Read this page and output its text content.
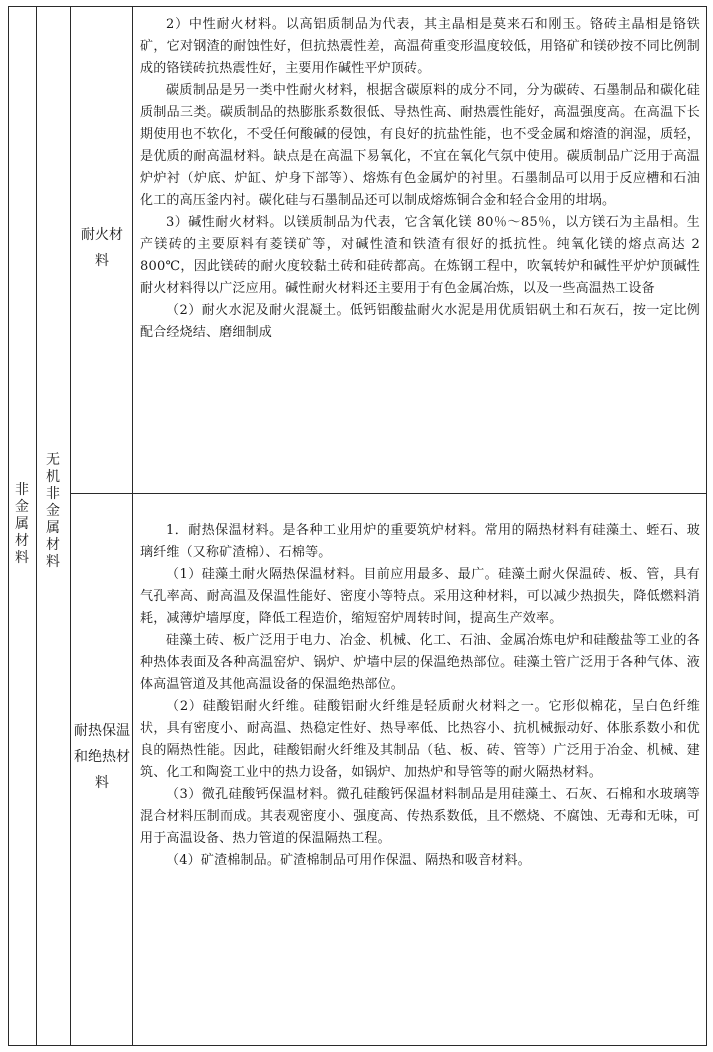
非金属材料
无机非金属材料
耐火材料
耐热保温和绝热材料

2）中性耐火材料。以高铝质制品为代表，其主晶相是莫来石和刚玉。铬砖主晶相是铬铁矿，它对钢渣的耐蚀性好，但抗热震性差，高温荷重变形温度较低，用铬矿和镁砂按不同比例制成的铬镁砖抗热震性好，主要用作碱性平炉顶砖。

碳质制品是另一类中性耐火材料，根据含碳原料的成分不同，分为碳砖、石墨制品和碳化硅质制品三类。碳质制品的热膨胀系数很低、导热性高、耐热震性能好，高温强度高。在高温下长期使用也不软化，不受任何酸碱的侵蚀，有良好的抗盐性能，也不受金属和熔渣的润湿，质轻，是优质的耐高温材料。缺点是在高温下易氧化，不宜在氧化气氛中使用。碳质制品广泛用于高温炉炉衬（炉底、炉缸、炉身下部等）、熔炼有色金属炉的衬里。石墨制品可以用于反应槽和石油化工的高压釜内衬。碳化硅与石墨制品还可以制成熔炼铜合金和轻合金用的坩埚。

3）碱性耐火材料。以镁质制品为代表，它含氧化镁 80％～85％，以方镁石为主晶相。生产镁砖的主要原料有菱镁矿等，对碱性渣和铁渣有很好的抵抗性。纯氧化镁的熔点高达 2 800℃，因此镁砖的耐火度较黏土砖和硅砖都高。在炼钢工程中，吹氧转炉和碱性平炉炉顶碱性耐火材料得以广泛应用。碱性耐火材料还主要用于有色金属冶炼，以及一些高温热工设备

（2）耐火水泥及耐火混凝土。低钙铝酸盐耐火水泥是用优质铝矾土和石灰石，按一定比例配合经烧结、磨细制成

1．耐热保温材料。是各种工业用炉的重要筑炉材料。常用的隔热材料有硅藻土、蛭石、玻璃纤维（又称矿渣棉）、石棉等。

（1）硅藻土耐火隔热保温材料。目前应用最多、最广。硅藻土耐火保温砖、板、管，具有气孔率高、耐高温及保温性能好、密度小等特点。采用这种材料，可以减少热损失，降低燃料消耗，减薄炉墙厚度，降低工程造价，缩短窑炉周转时间，提高生产效率。

硅藻土砖、板广泛用于电力、冶金、机械、化工、石油、金属冶炼电炉和硅酸盐等工业的各种热体表面及各种高温窑炉、锅炉、炉墙中层的保温绝热部位。硅藻土管广泛用于各种气体、液体高温管道及其他高温设备的保温绝热部位。

（2）硅酸铝耐火纤维。硅酸铝耐火纤维是轻质耐火材料之一。它形似棉花，呈白色纤维状，具有密度小、耐高温、热稳定性好、热导率低、比热容小、抗机械振动好、体胀系数小和优良的隔热性能。因此，硅酸铝耐火纤维及其制品（毡、板、砖、管等）广泛用于冶金、机械、建筑、化工和陶瓷工业中的热力设备，如锅炉、加热炉和导管等的耐火隔热材料。

（3）微孔硅酸钙保温材料。微孔硅酸钙保温材料制品是用硅藻土、石灰、石棉和水玻璃等混合材料压制而成。其表观密度小、强度高、传热系数低，且不燃烧、不腐蚀、无毒和无味，可用于高温设备、热力管道的保温隔热工程。

（4）矿渣棉制品。矿渣棉制品可用作保温、隔热和吸音材料。
